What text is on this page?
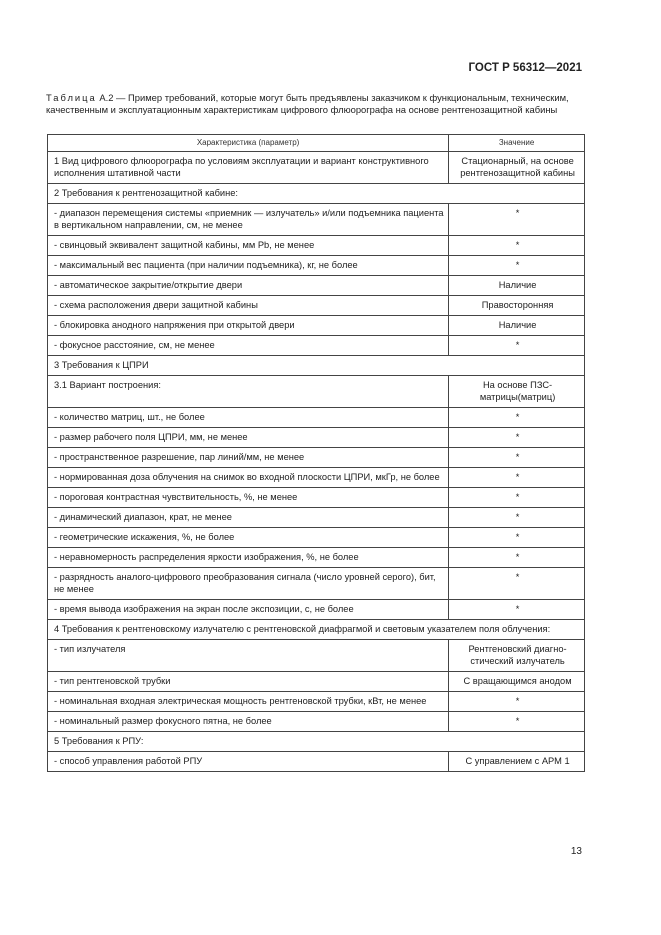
ГОСТ Р 56312—2021
Таблица А.2 — Пример требований, которые могут быть предъявлены заказчиком к функциональным, техническим, качественным и эксплуатационным характеристикам цифрового флюорографа на основе рентгенозащитной кабины
Характеристика (параметр)	Значение
1 Вид цифрового флюорографа по условиям эксплуатации и вариант конструктивного исполнения штативной части	Стационарный, на основе рентгенозащитной кабины
2 Требования к рентгенозащитной кабине:	
- диапазон перемещения системы «приемник — излучатель» и/или подъемника пациента в вертикальном направлении, см, не менее	*
- свинцовый эквивалент защитной кабины, мм Pb, не менее	*
- максимальный вес пациента (при наличии подъемника), кг, не более	*
- автоматическое закрытие/открытие двери	Наличие
- схема расположения двери защитной кабины	Правосторонняя
- блокировка анодного напряжения при открытой двери	Наличие
- фокусное расстояние, см, не менее	*
3 Требования к ЦПРИ	
3.1 Вариант построения:	На основе ПЗС-матрицы(матриц)
- количество матриц, шт., не более	*
- размер рабочего поля ЦПРИ, мм, не менее	*
- пространственное разрешение, пар линий/мм, не менее	*
- нормированная доза облучения на снимок во входной плоскости ЦПРИ, мкГр, не более	*
- пороговая контрастная чувствительность, %, не менее	*
- динамический диапазон, крат, не менее	*
- геометрические искажения, %, не более	*
- неравномерность распределения яркости изображения, %, не более	*
- разрядность аналого-цифрового преобразования сигнала (число уровней серого), бит, не менее	*
- время вывода изображения на экран после экспозиции, с, не более	*
4 Требования к рентгеновскому излучателю с рентгеновской диафрагмой и световым указателем поля облучения:	
- тип излучателя	Рентгеновский диагностический излучатель
- тип рентгеновской трубки	С вращающимся анодом
- номинальная входная электрическая мощность рентгеновской трубки, кВт, не менее	*
- номинальный размер фокусного пятна, не более	*
5 Требования к РПУ:	
- способ управления работой РПУ	С управлением с АРМ 1
13
